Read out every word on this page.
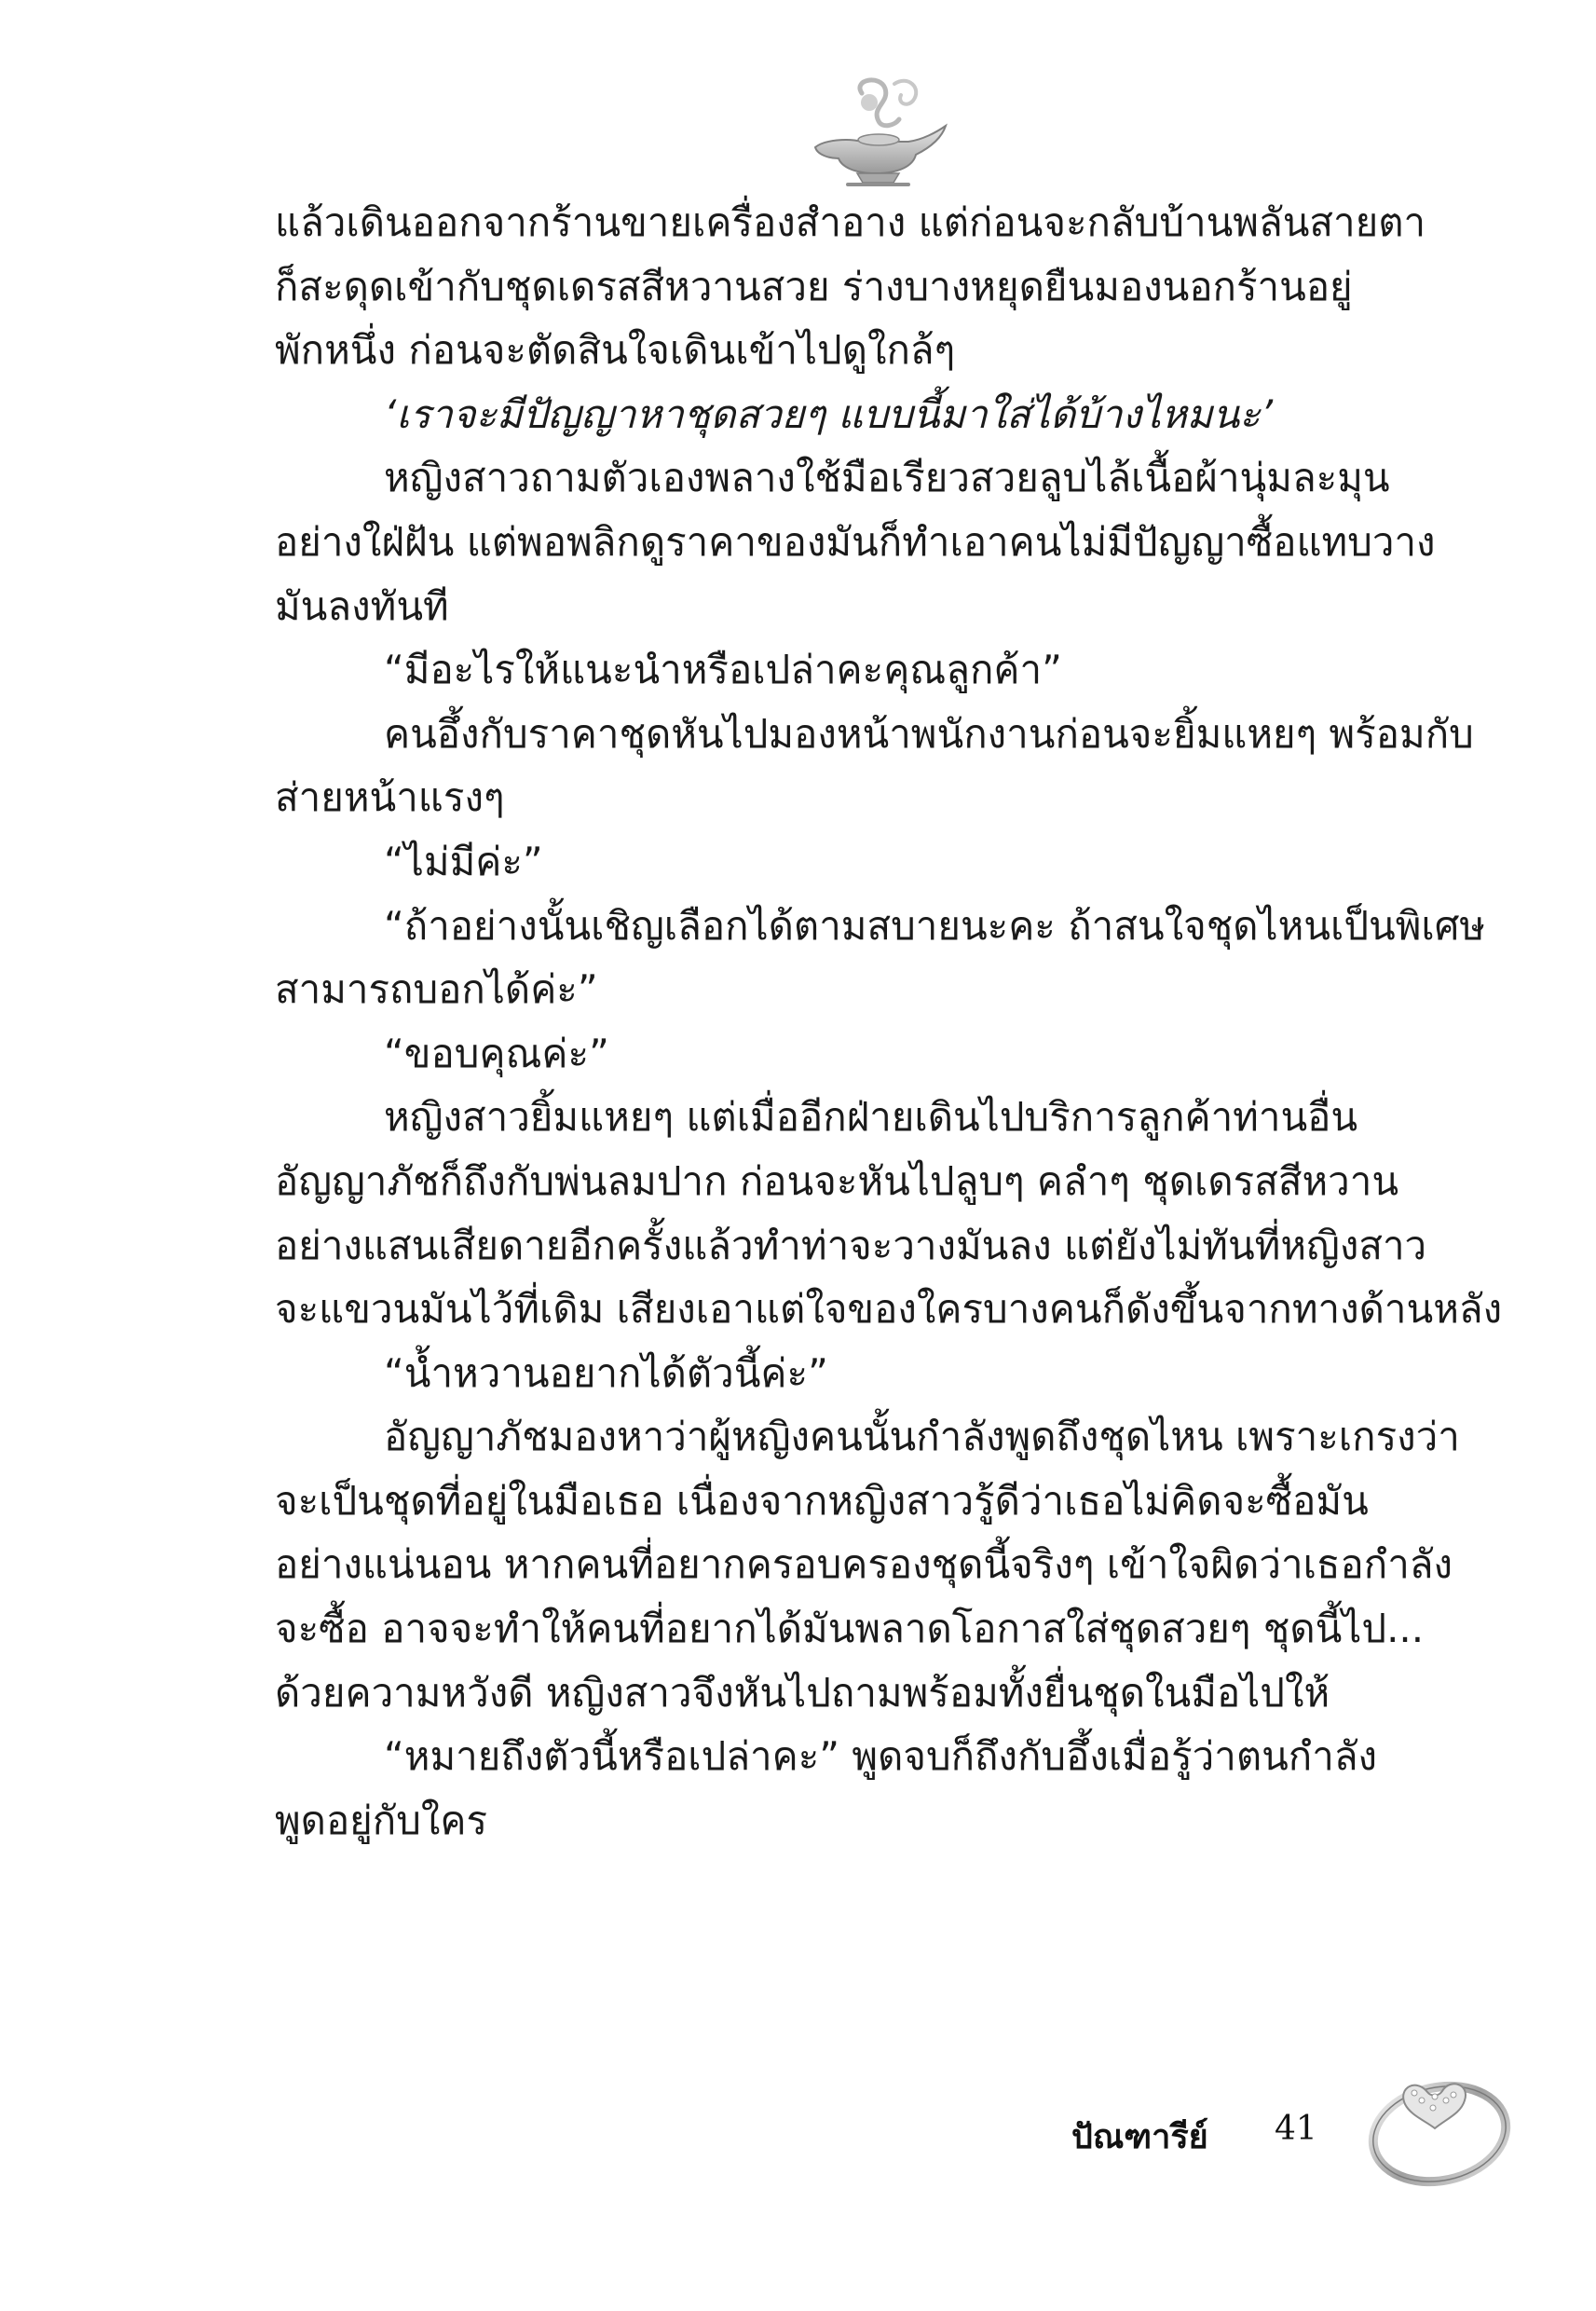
แล้วเดินออกจากร้านขายเครื่องสำอาง แต่ก่อนจะกลับบ้านพลันสายตา
ก็สะดุดเข้ากับชุดเดรสสีหวานสวย ร่างบางหยุดยืนมองนอกร้านอยู่
พักหนึ่ง ก่อนจะตัดสินใจเดินเข้าไปดูใกล้ๆ
‘เราจะมีปัญญาหาชุดสวยๆ แบบนี้มาใส่ได้บ้างไหมนะ’
หญิงสาวถามตัวเองพลางใช้มือเรียวสวยลูบไล้เนื้อผ้านุ่มละมุน
อย่างใฝ่ฝัน แต่พอพลิกดูราคาของมันก็ทำเอาคนไม่มีปัญญาซื้อแทบวาง
มันลงทันที
“มีอะไรให้แนะนำหรือเปล่าคะคุณลูกค้า”
คนอึ้งกับราคาชุดหันไปมองหน้าพนักงานก่อนจะยิ้มแหยๆ พร้อมกับ
ส่ายหน้าแรงๆ
“ไม่มีค่ะ”
“ถ้าอย่างนั้นเชิญเลือกได้ตามสบายนะคะ ถ้าสนใจชุดไหนเป็นพิเศษ
สามารถบอกได้ค่ะ”
“ขอบคุณค่ะ”
หญิงสาวยิ้มแหยๆ แต่เมื่ออีกฝ่ายเดินไปบริการลูกค้าท่านอื่น
อัญญาภัชก็ถึงกับพ่นลมปาก ก่อนจะหันไปลูบๆ คลำๆ ชุดเดรสสีหวาน
อย่างแสนเสียดายอีกครั้งแล้วทำท่าจะวางมันลง แต่ยังไม่ทันที่หญิงสาว
จะแขวนมันไว้ที่เดิม เสียงเอาแต่ใจของใครบางคนก็ดังขึ้นจากทางด้านหลัง
“น้ำหวานอยากได้ตัวนี้ค่ะ”
อัญญาภัชมองหาว่าผู้หญิงคนนั้นกำลังพูดถึงชุดไหน เพราะเกรงว่า
จะเป็นชุดที่อยู่ในมือเธอ เนื่องจากหญิงสาวรู้ดีว่าเธอไม่คิดจะซื้อมัน
อย่างแน่นอน หากคนที่อยากครอบครองชุดนี้จริงๆ เข้าใจผิดว่าเธอกำลัง
จะซื้อ อาจจะทำให้คนที่อยากได้มันพลาดโอกาสใส่ชุดสวยๆ ชุดนี้ไป...
ด้วยความหวังดี หญิงสาวจึงหันไปถามพร้อมทั้งยื่นชุดในมือไปให้
“หมายถึงตัวนี้หรือเปล่าคะ” พูดจบก็ถึงกับอึ้งเมื่อรู้ว่าตนกำลัง
พูดอยู่กับใคร
ปัณฑารีย์ 41
